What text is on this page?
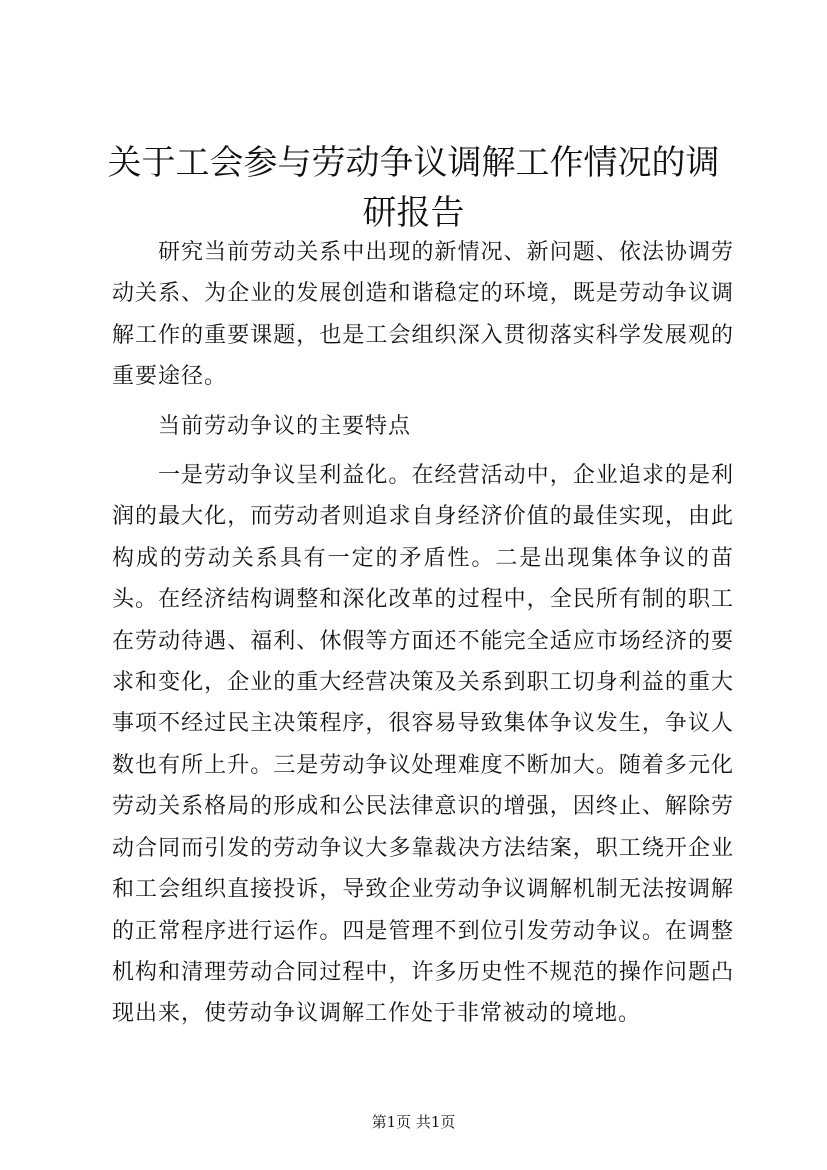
关于工会参与劳动争议调解工作情况的调研报告

研究当前劳动关系中出现的新情况、新问题、依法协调劳动关系、为企业的发展创造和谐稳定的环境，既是劳动争议调解工作的重要课题，也是工会组织深入贯彻落实科学发展观的重要途径。

当前劳动争议的主要特点

一是劳动争议呈利益化。在经营活动中，企业追求的是利润的最大化，而劳动者则追求自身经济价值的最佳实现，由此构成的劳动关系具有一定的矛盾性。二是出现集体争议的苗头。在经济结构调整和深化改革的过程中，全民所有制的职工在劳动待遇、福利、休假等方面还不能完全适应市场经济的要求和变化，企业的重大经营决策及关系到职工切身利益的重大事项不经过民主决策程序，很容易导致集体争议发生，争议人数也有所上升。三是劳动争议处理难度不断加大。随着多元化劳动关系格局的形成和公民法律意识的增强，因终止、解除劳动合同而引发的劳动争议大多靠裁决方法结案，职工绕开企业和工会组织直接投诉，导致企业劳动争议调解机制无法按调解的正常程序进行运作。四是管理不到位引发劳动争议。在调整机构和清理劳动合同过程中，许多历史性不规范的操作问题凸现出来，使劳动争议调解工作处于非常被动的境地。

第1页 共1页
